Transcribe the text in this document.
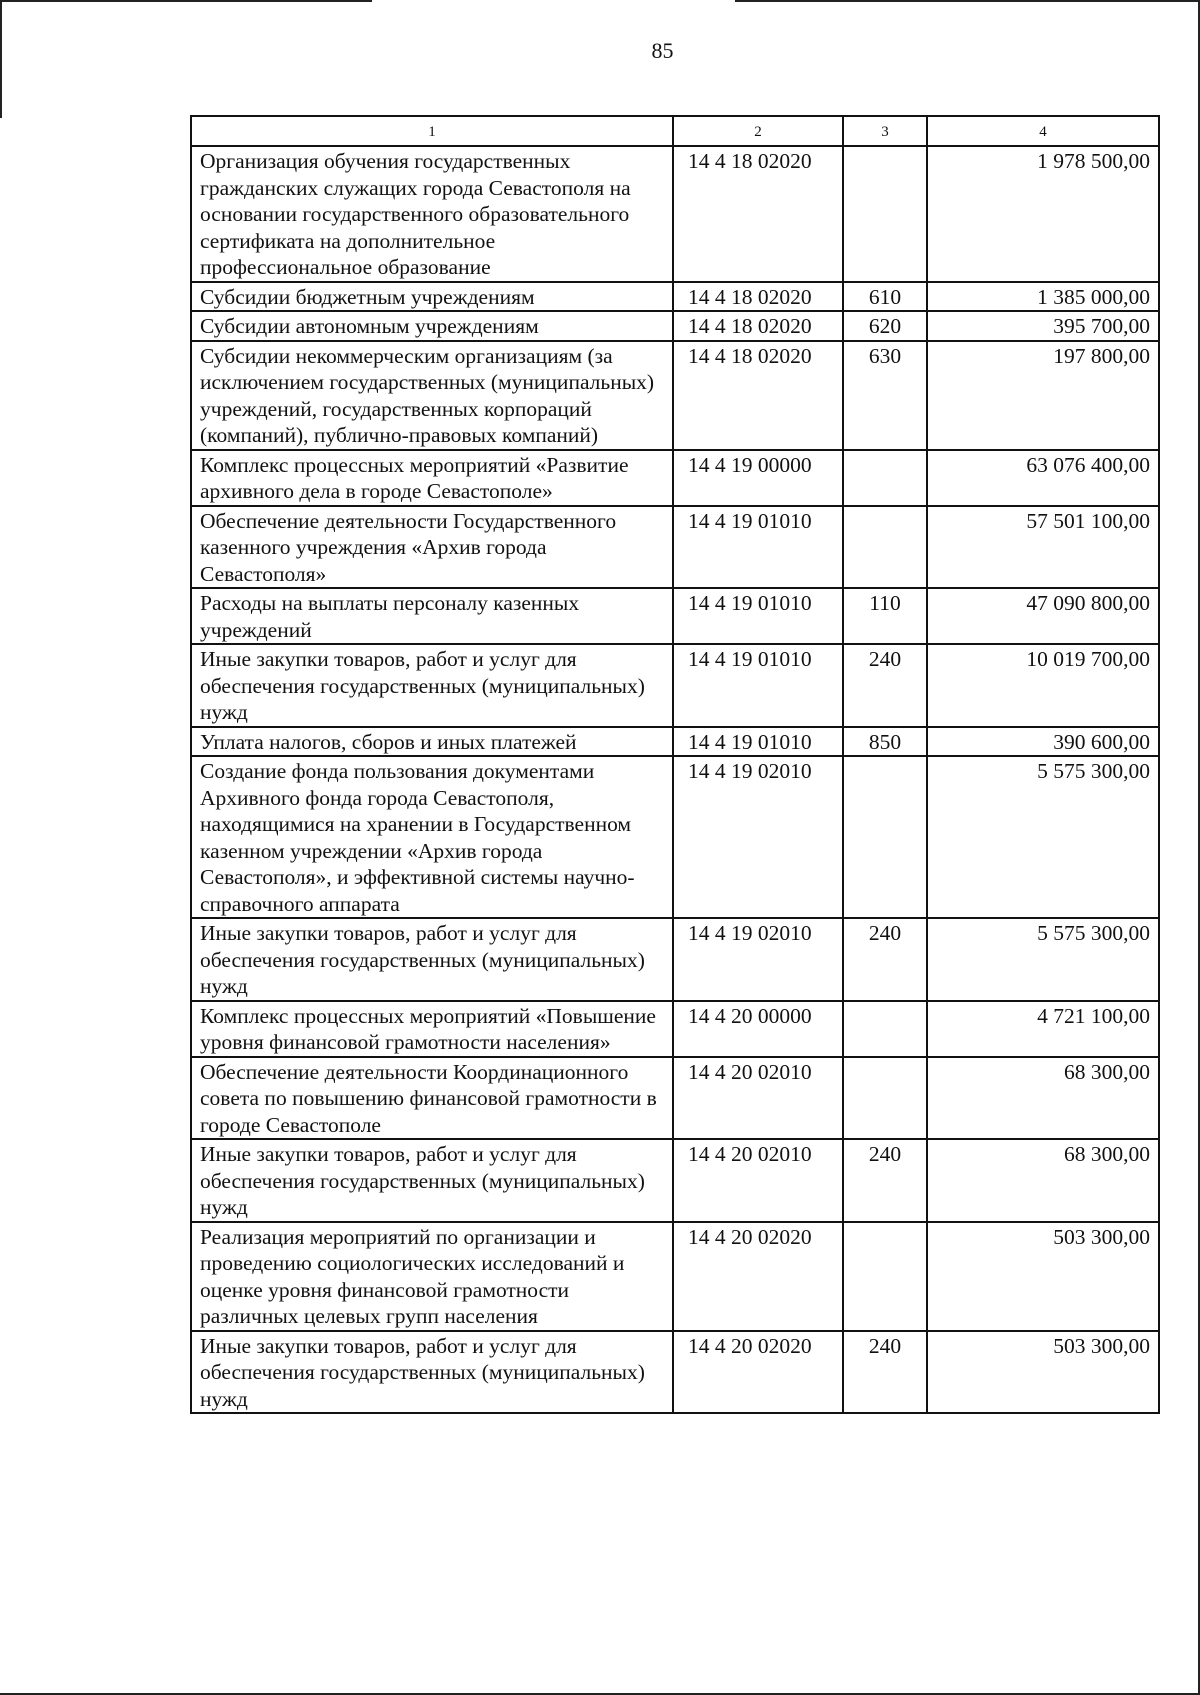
85
1	2	3	4
Организация обучения государственных гражданских служащих города Севастополя на основании государственного образовательного сертификата на дополнительное профессиональное образование	14 4 18 02020		1 978 500,00
Субсидии бюджетным учреждениям	14 4 18 02020	610	1 385 000,00
Субсидии автономным учреждениям	14 4 18 02020	620	395 700,00
Субсидии некоммерческим организациям (за исключением государственных (муниципальных) учреждений, государственных корпораций (компаний), публично-правовых компаний)	14 4 18 02020	630	197 800,00
Комплекс процессных мероприятий «Развитие архивного дела в городе Севастополе»	14 4 19 00000		63 076 400,00
Обеспечение деятельности Государственного казенного учреждения «Архив города Севастополя»	14 4 19 01010		57 501 100,00
Расходы на выплаты персоналу казенных учреждений	14 4 19 01010	110	47 090 800,00
Иные закупки товаров, работ и услуг для обеспечения государственных (муниципальных) нужд	14 4 19 01010	240	10 019 700,00
Уплата налогов, сборов и иных платежей	14 4 19 01010	850	390 600,00
Создание фонда пользования документами Архивного фонда города Севастополя, находящимися на хранении в Государственном казенном учреждении «Архив города Севастополя», и эффективной системы научно-справочного аппарата	14 4 19 02010		5 575 300,00
Иные закупки товаров, работ и услуг для обеспечения государственных (муниципальных) нужд	14 4 19 02010	240	5 575 300,00
Комплекс процессных мероприятий «Повышение уровня финансовой грамотности населения»	14 4 20 00000		4 721 100,00
Обеспечение деятельности Координационного совета по повышению финансовой грамотности в городе Севастополе	14 4 20 02010		68 300,00
Иные закупки товаров, работ и услуг для обеспечения государственных (муниципальных) нужд	14 4 20 02010	240	68 300,00
Реализация мероприятий по организации и проведению социологических исследований и оценке уровня финансовой грамотности различных целевых групп населения	14 4 20 02020		503 300,00
Иные закупки товаров, работ и услуг для обеспечения государственных (муниципальных) нужд	14 4 20 02020	240	503 300,00
